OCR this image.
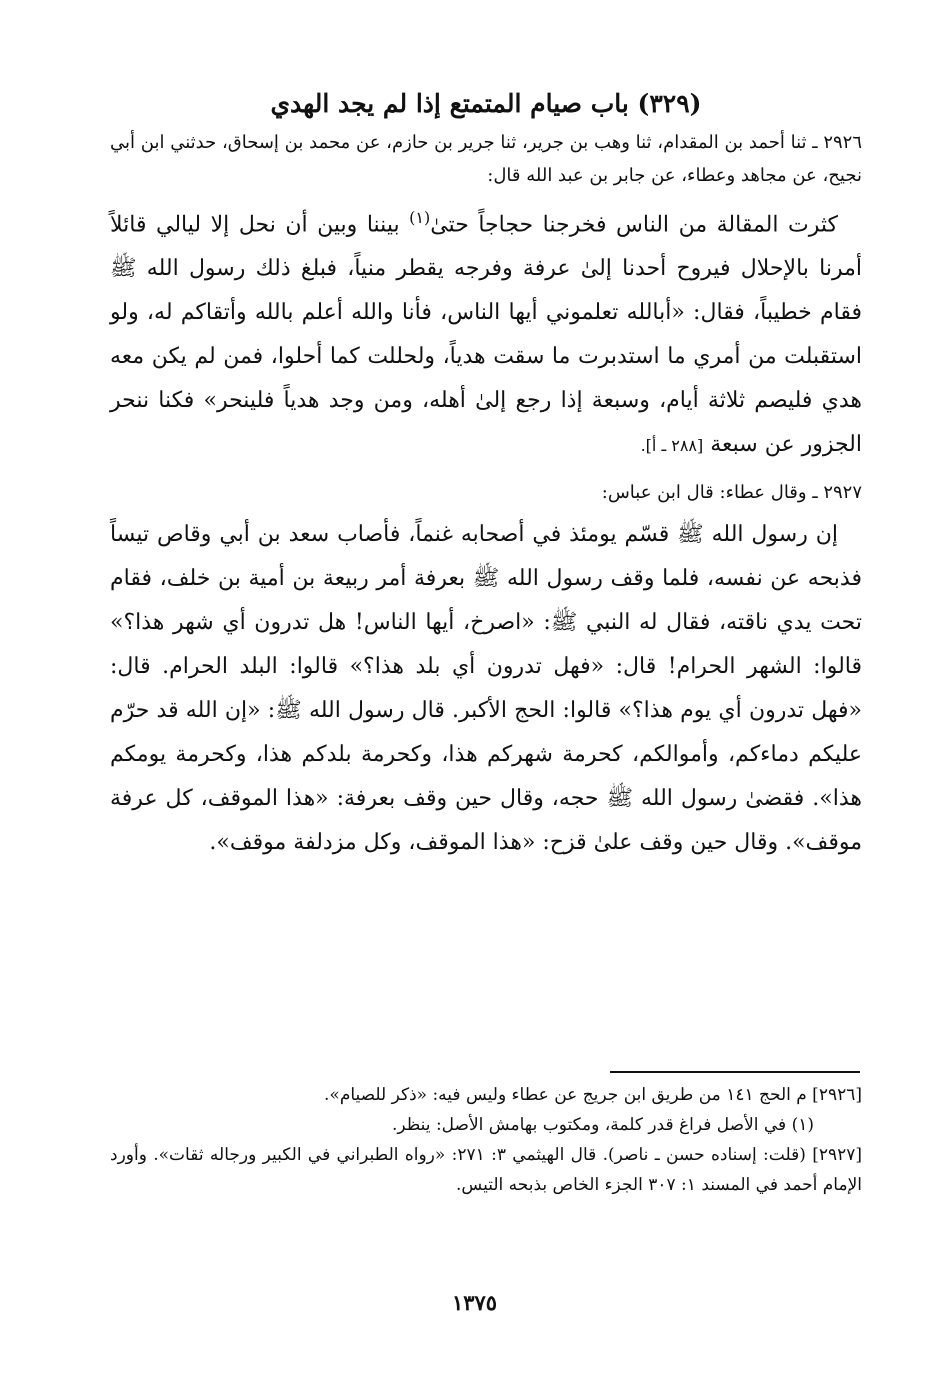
(٣٢٩) باب صيام المتمتع إذا لم يجد الهدي

٢٩٢٦ ـ ثنا أحمد بن المقدام، ثنا وهب بن جرير، ثنا جرير بن حازم، عن محمد بن إسحاق، حدثني ابن أبي نجيح، عن مجاهد وعطاء، عن جابر بن عبد الله قال:

كثرت المقالة من الناس فخرجنا حجاجاً حتىٰ$^{(١)}$ بيننا وبين أن نحل إلا ليالي قائلاً أمرنا بالإحلال فيروح أحدنا إلىٰ عرفة وفرجه يقطر منياً، فبلغ ذلك رسول الله ﷺ فقام خطيباً، فقال: «أبالله تعلموني أيها الناس، فأنا والله أعلم بالله وأتقاكم له، ولو استقبلت من أمري ما استدبرت ما سقت هدياً، ولحللت كما أحلوا، فمن لم يكن معه هدي فليصم ثلاثة أيام، وسبعة إذا رجع إلىٰ أهله، ومن وجد هدياً فلينحر» فكنا ننحر الجزور عن سبعة [٢٨٨ ـ أ].

٢٩٢٧ ـ وقال عطاء: قال ابن عباس:

إن رسول الله ﷺ قسّم يومئذ في أصحابه غنماً، فأصاب سعد بن أبي وقاص تيساً فذبحه عن نفسه، فلما وقف رسول الله ﷺ بعرفة أمر ربيعة بن أمية بن خلف، فقام تحت يدي ناقته، فقال له النبي ﷺ: «اصرخ، أيها الناس! هل تدرون أي شهر هذا؟» قالوا: الشهر الحرام! قال: «فهل تدرون أي بلد هذا؟» قالوا: البلد الحرام. قال: «فهل تدرون أي يوم هذا؟» قالوا: الحج الأكبر. قال رسول الله ﷺ: «إن الله قد حرّم عليكم دماءكم، وأموالكم، كحرمة شهركم هذا، وكحرمة بلدكم هذا، وكحرمة يومكم هذا». فقضىٰ رسول الله ﷺ حجه، وقال حين وقف بعرفة: «هذا الموقف، كل عرفة موقف». وقال حين وقف علىٰ قزح: «هذا الموقف، وكل مزدلفة موقف».

[٢٩٢٦] م الحج ١٤١ من طريق ابن جريج عن عطاء وليس فيه: «ذكر للصيام».

(١) في الأصل فراغ قدر كلمة، ومكتوب بهامش الأصل: ينظر.

[٢٩٢٧] (قلت: إسناده حسن ـ ناصر). قال الهيثمي ٣: ٢٧١: «رواه الطبراني في الكبير ورجاله ثقات». وأورد الإمام أحمد في المسند ١: ٣٠٧ الجزء الخاص بذبحه التيس.

١٣٧٥
